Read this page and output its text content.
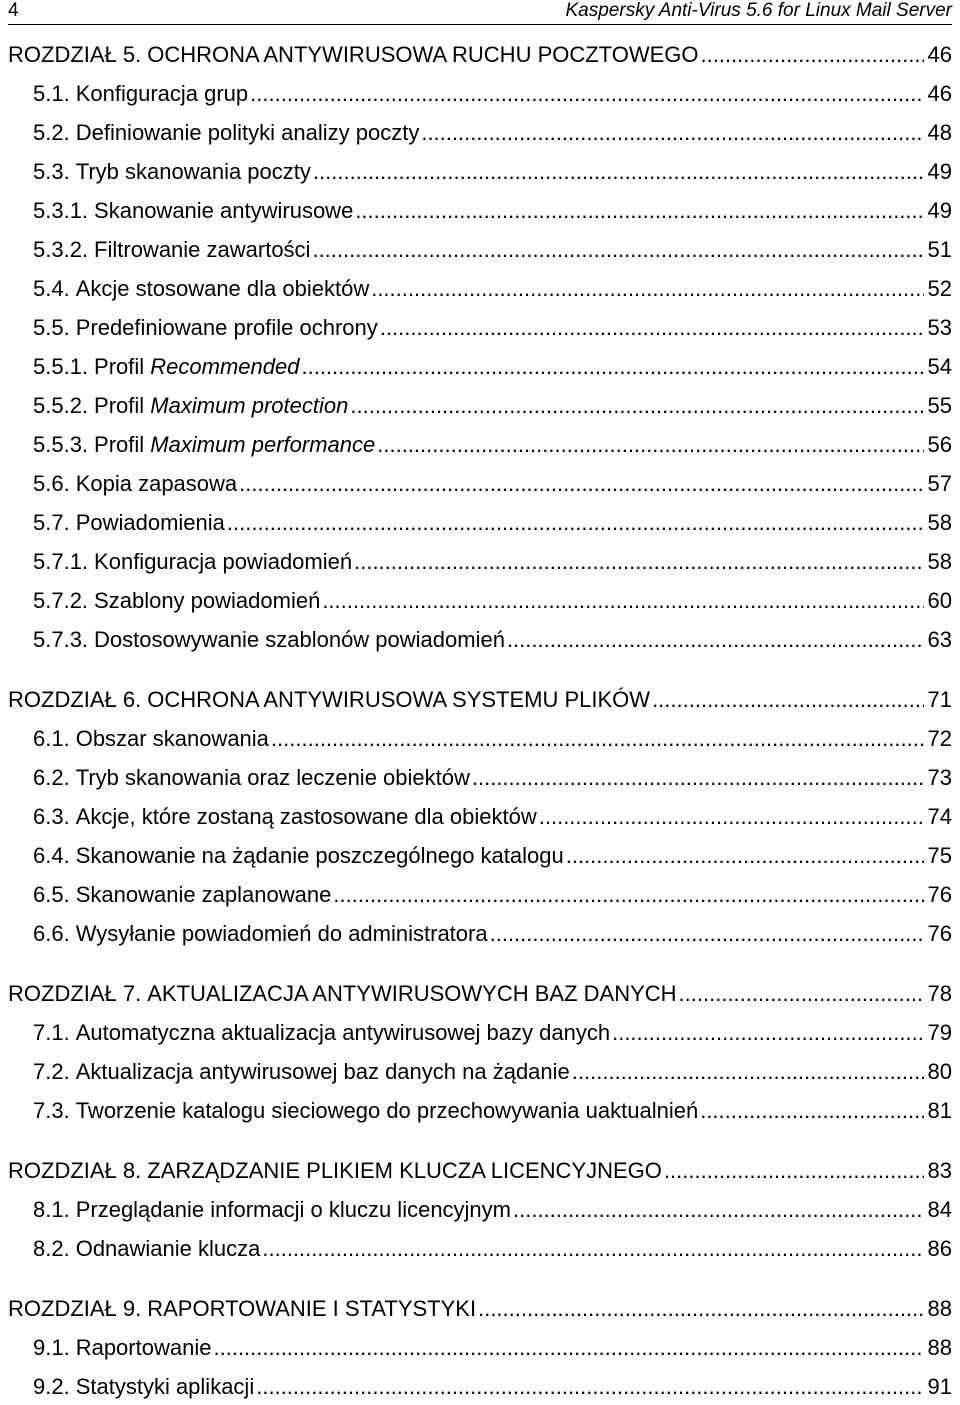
4	Kaspersky Anti-Virus 5.6 for Linux Mail Server
ROZDZIAŁ 5. OCHRONA ANTYWIRUSOWA RUCHU POCZTOWEGO .....	46
5.1. Konfiguracja grup .....	46
5.2. Definiowanie polityki analizy poczty .....	48
5.3. Tryb skanowania poczty .....	49
5.3.1. Skanowanie antywirusowe .....	49
5.3.2. Filtrowanie zawartości .....	51
5.4. Akcje stosowane dla obiektów .....	52
5.5. Predefiniowane profile ochrony .....	53
5.5.1. Profil Recommended .....	54
5.5.2. Profil Maximum protection .....	55
5.5.3. Profil Maximum performance .....	56
5.6. Kopia zapasowa .....	57
5.7. Powiadomienia .....	58
5.7.1. Konfiguracja powiadomień .....	58
5.7.2. Szablony powiadomień .....	60
5.7.3. Dostosowywanie szablonów powiadomień .....	63
ROZDZIAŁ 6. OCHRONA ANTYWIRUSOWA SYSTEMU PLIKÓW .....	71
6.1. Obszar skanowania .....	72
6.2. Tryb skanowania oraz leczenie obiektów .....	73
6.3. Akcje, które zostaną zastosowane dla obiektów .....	74
6.4. Skanowanie na żądanie poszczególnego katalogu .....	75
6.5. Skanowanie zaplanowane .....	76
6.6. Wysyłanie powiadomień do administratora .....	76
ROZDZIAŁ 7. AKTUALIZACJA ANTYWIRUSOWYCH BAZ DANYCH .....	78
7.1. Automatyczna aktualizacja antywirusowej bazy danych .....	79
7.2. Aktualizacja antywirusowej baz danych na żądanie .....	80
7.3. Tworzenie katalogu sieciowego do przechowywania uaktualnień .....	81
ROZDZIAŁ 8. ZARZĄDZANIE PLIKIEM KLUCZA LICENCYJNEGO .....	83
8.1. Przeglądanie informacji o kluczu licencyjnym .....	84
8.2. Odnawianie klucza .....	86
ROZDZIAŁ 9. RAPORTOWANIE I STATYSTYKI .....	88
9.1. Raportowanie .....	88
9.2. Statystyki aplikacji .....	91
